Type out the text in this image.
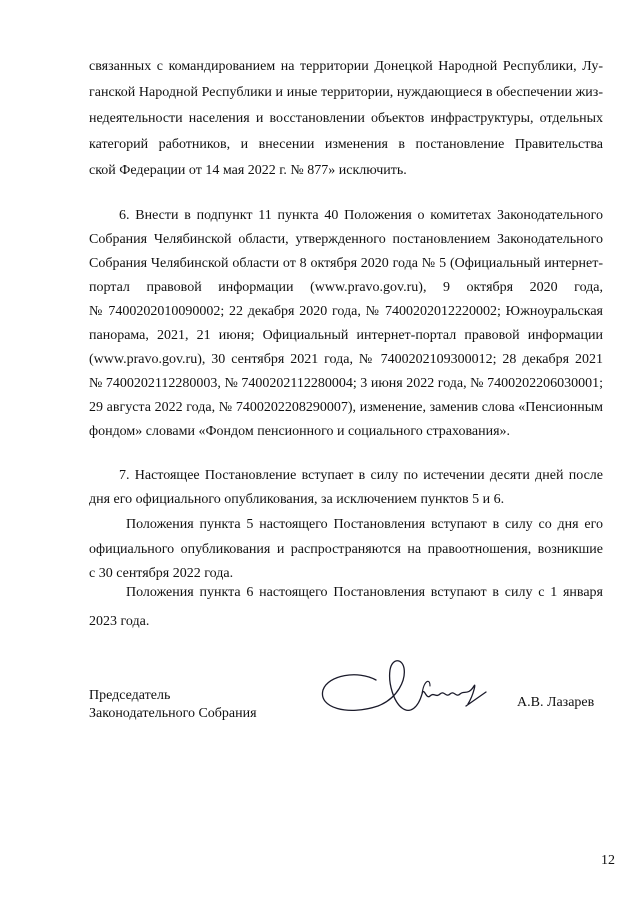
связанных с командированием на территории Донецкой Народной Республики, Лу-
ганской Народной Республики и иные территории, нуждающиеся в обеспечении жиз-
недеятельности населения и восстановлении объектов инфраструктуры, отдельных
категорий работников, и внесении изменения в постановление Правительства
ской Федерации от 14 мая 2022 г. № 877» исключить.
6. Внести в подпункт 11 пункта 40 Положения о комитетах Законодательного
Собрания Челябинской области, утвержденного постановлением Законодательного
Собрания Челябинской области от 8 октября 2020 года № 5 (Официальный интернет-
портал правовой информации (www.pravo.gov.ru), 9 октября 2020 года,
№ 7400202010090002; 22 декабря 2020 года, № 7400202012220002; Южноуральская
панорама, 2021, 21 июня; Официальный интернет-портал правовой информации
(www.pravo.gov.ru), 30 сентября 2021 года, № 7400202109300012; 28 декабря 2021
№ 7400202112280003, № 7400202112280004; 3 июня 2022 года, № 7400202206030001;
29 августа 2022 года, № 7400202208290007), изменение, заменив слова «Пенсионным
фондом» словами «Фондом пенсионного и социального страхования».
7. Настоящее Постановление вступает в силу по истечении десяти дней после
дня его официального опубликования, за исключением пунктов 5 и 6.
Положения пункта 5 настоящего Постановления вступают в силу со дня его
официального опубликования и распространяются на правоотношения, возникшие
с 30 сентября 2022 года.
Положения пункта 6 настоящего Постановления вступают в силу с 1 января
2023 года.
Председатель
Законодательного Собрания
А.В. Лазарев
12
